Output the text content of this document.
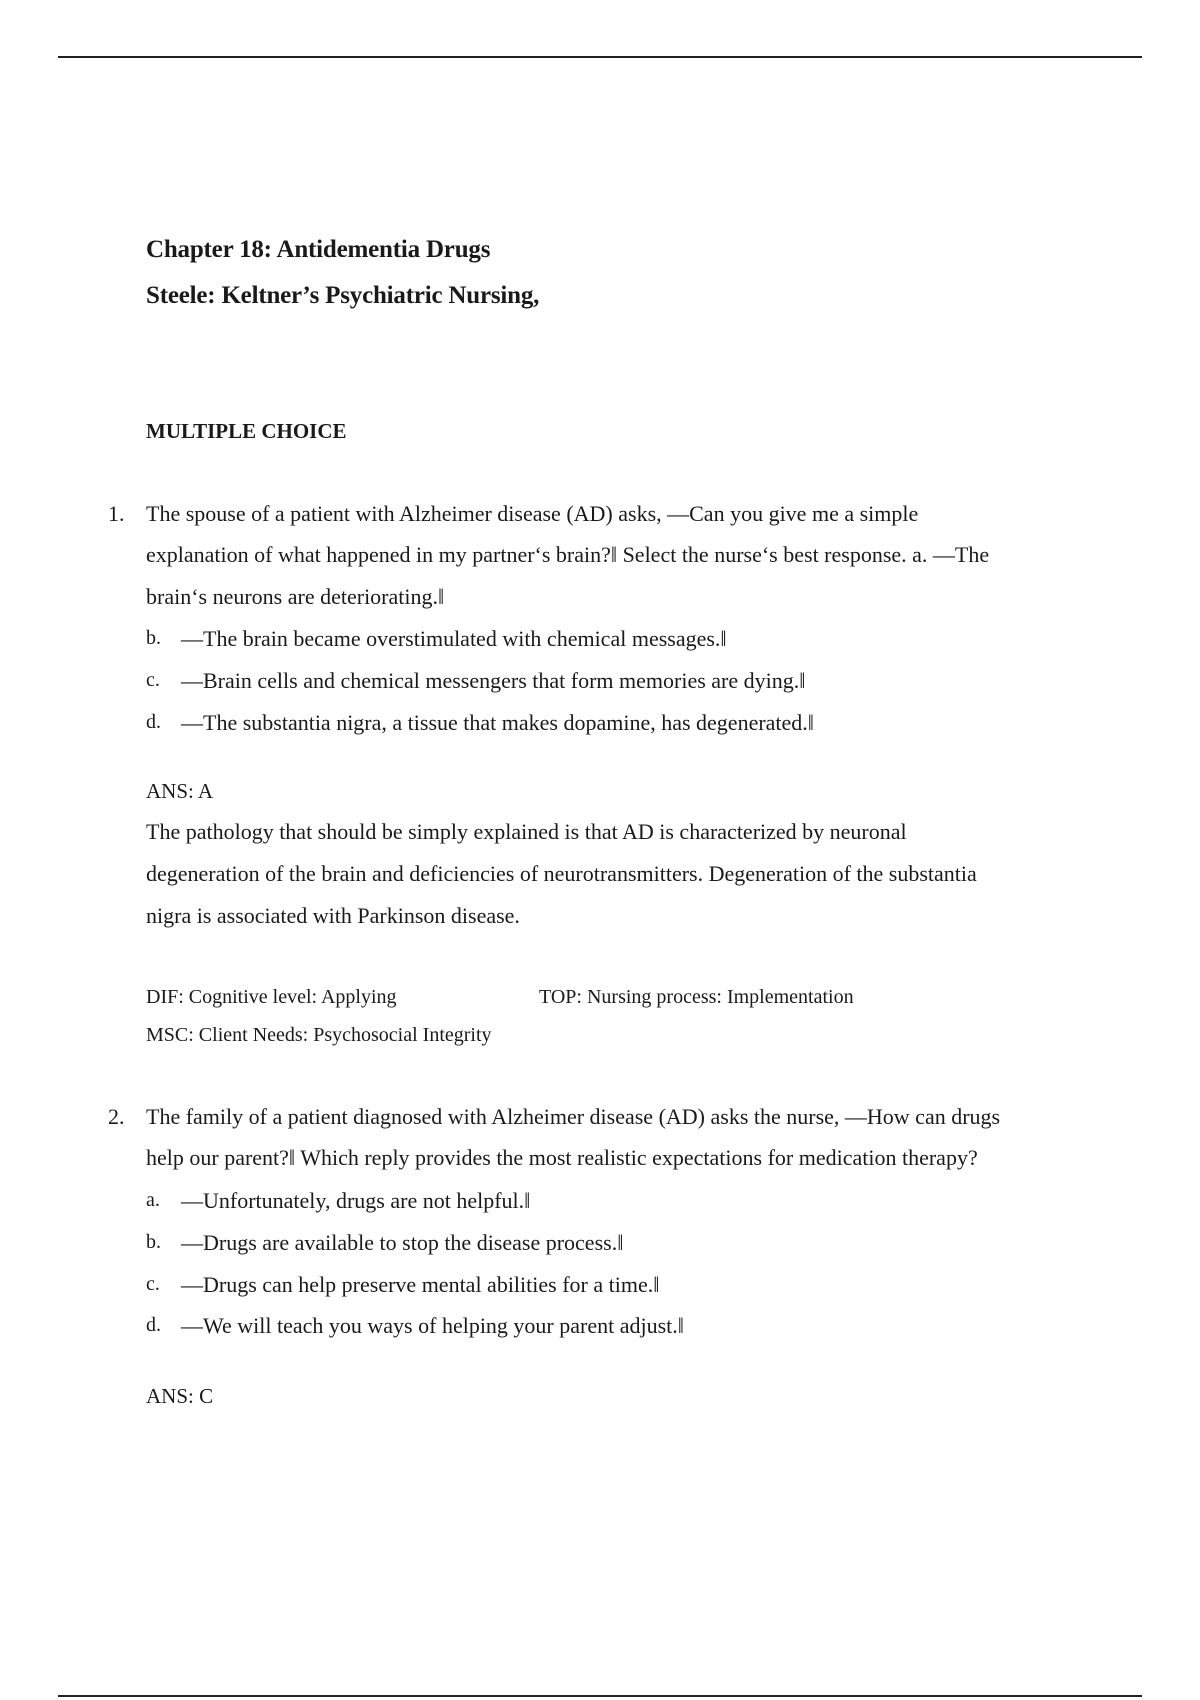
Chapter 18: Antidementia Drugs
Steele: Keltner’s Psychiatric Nursing,
MULTIPLE CHOICE
1. The spouse of a patient with Alzheimer disease (AD) asks, ―Can you give me a simple
explanation of what happened in my partner‘s brain?‖ Select the nurse‘s best response. a. ―The
brain‘s neurons are deteriorating.‖
b. ―The brain became overstimulated with chemical messages.‖
c. ―Brain cells and chemical messengers that form memories are dying.‖
d. ―The substantia nigra, a tissue that makes dopamine, has degenerated.‖
ANS: A
The pathology that should be simply explained is that AD is characterized by neuronal
degeneration of the brain and deficiencies of neurotransmitters. Degeneration of the substantia
nigra is associated with Parkinson disease.
DIF: Cognitive level: Applying	TOP: Nursing process: Implementation
MSC: Client Needs: Psychosocial Integrity
2. The family of a patient diagnosed with Alzheimer disease (AD) asks the nurse, ―How can drugs
help our parent?‖ Which reply provides the most realistic expectations for medication therapy?
a. ―Unfortunately, drugs are not helpful.‖
b. ―Drugs are available to stop the disease process.‖
c. ―Drugs can help preserve mental abilities for a time.‖
d. ―We will teach you ways of helping your parent adjust.‖
ANS: C
